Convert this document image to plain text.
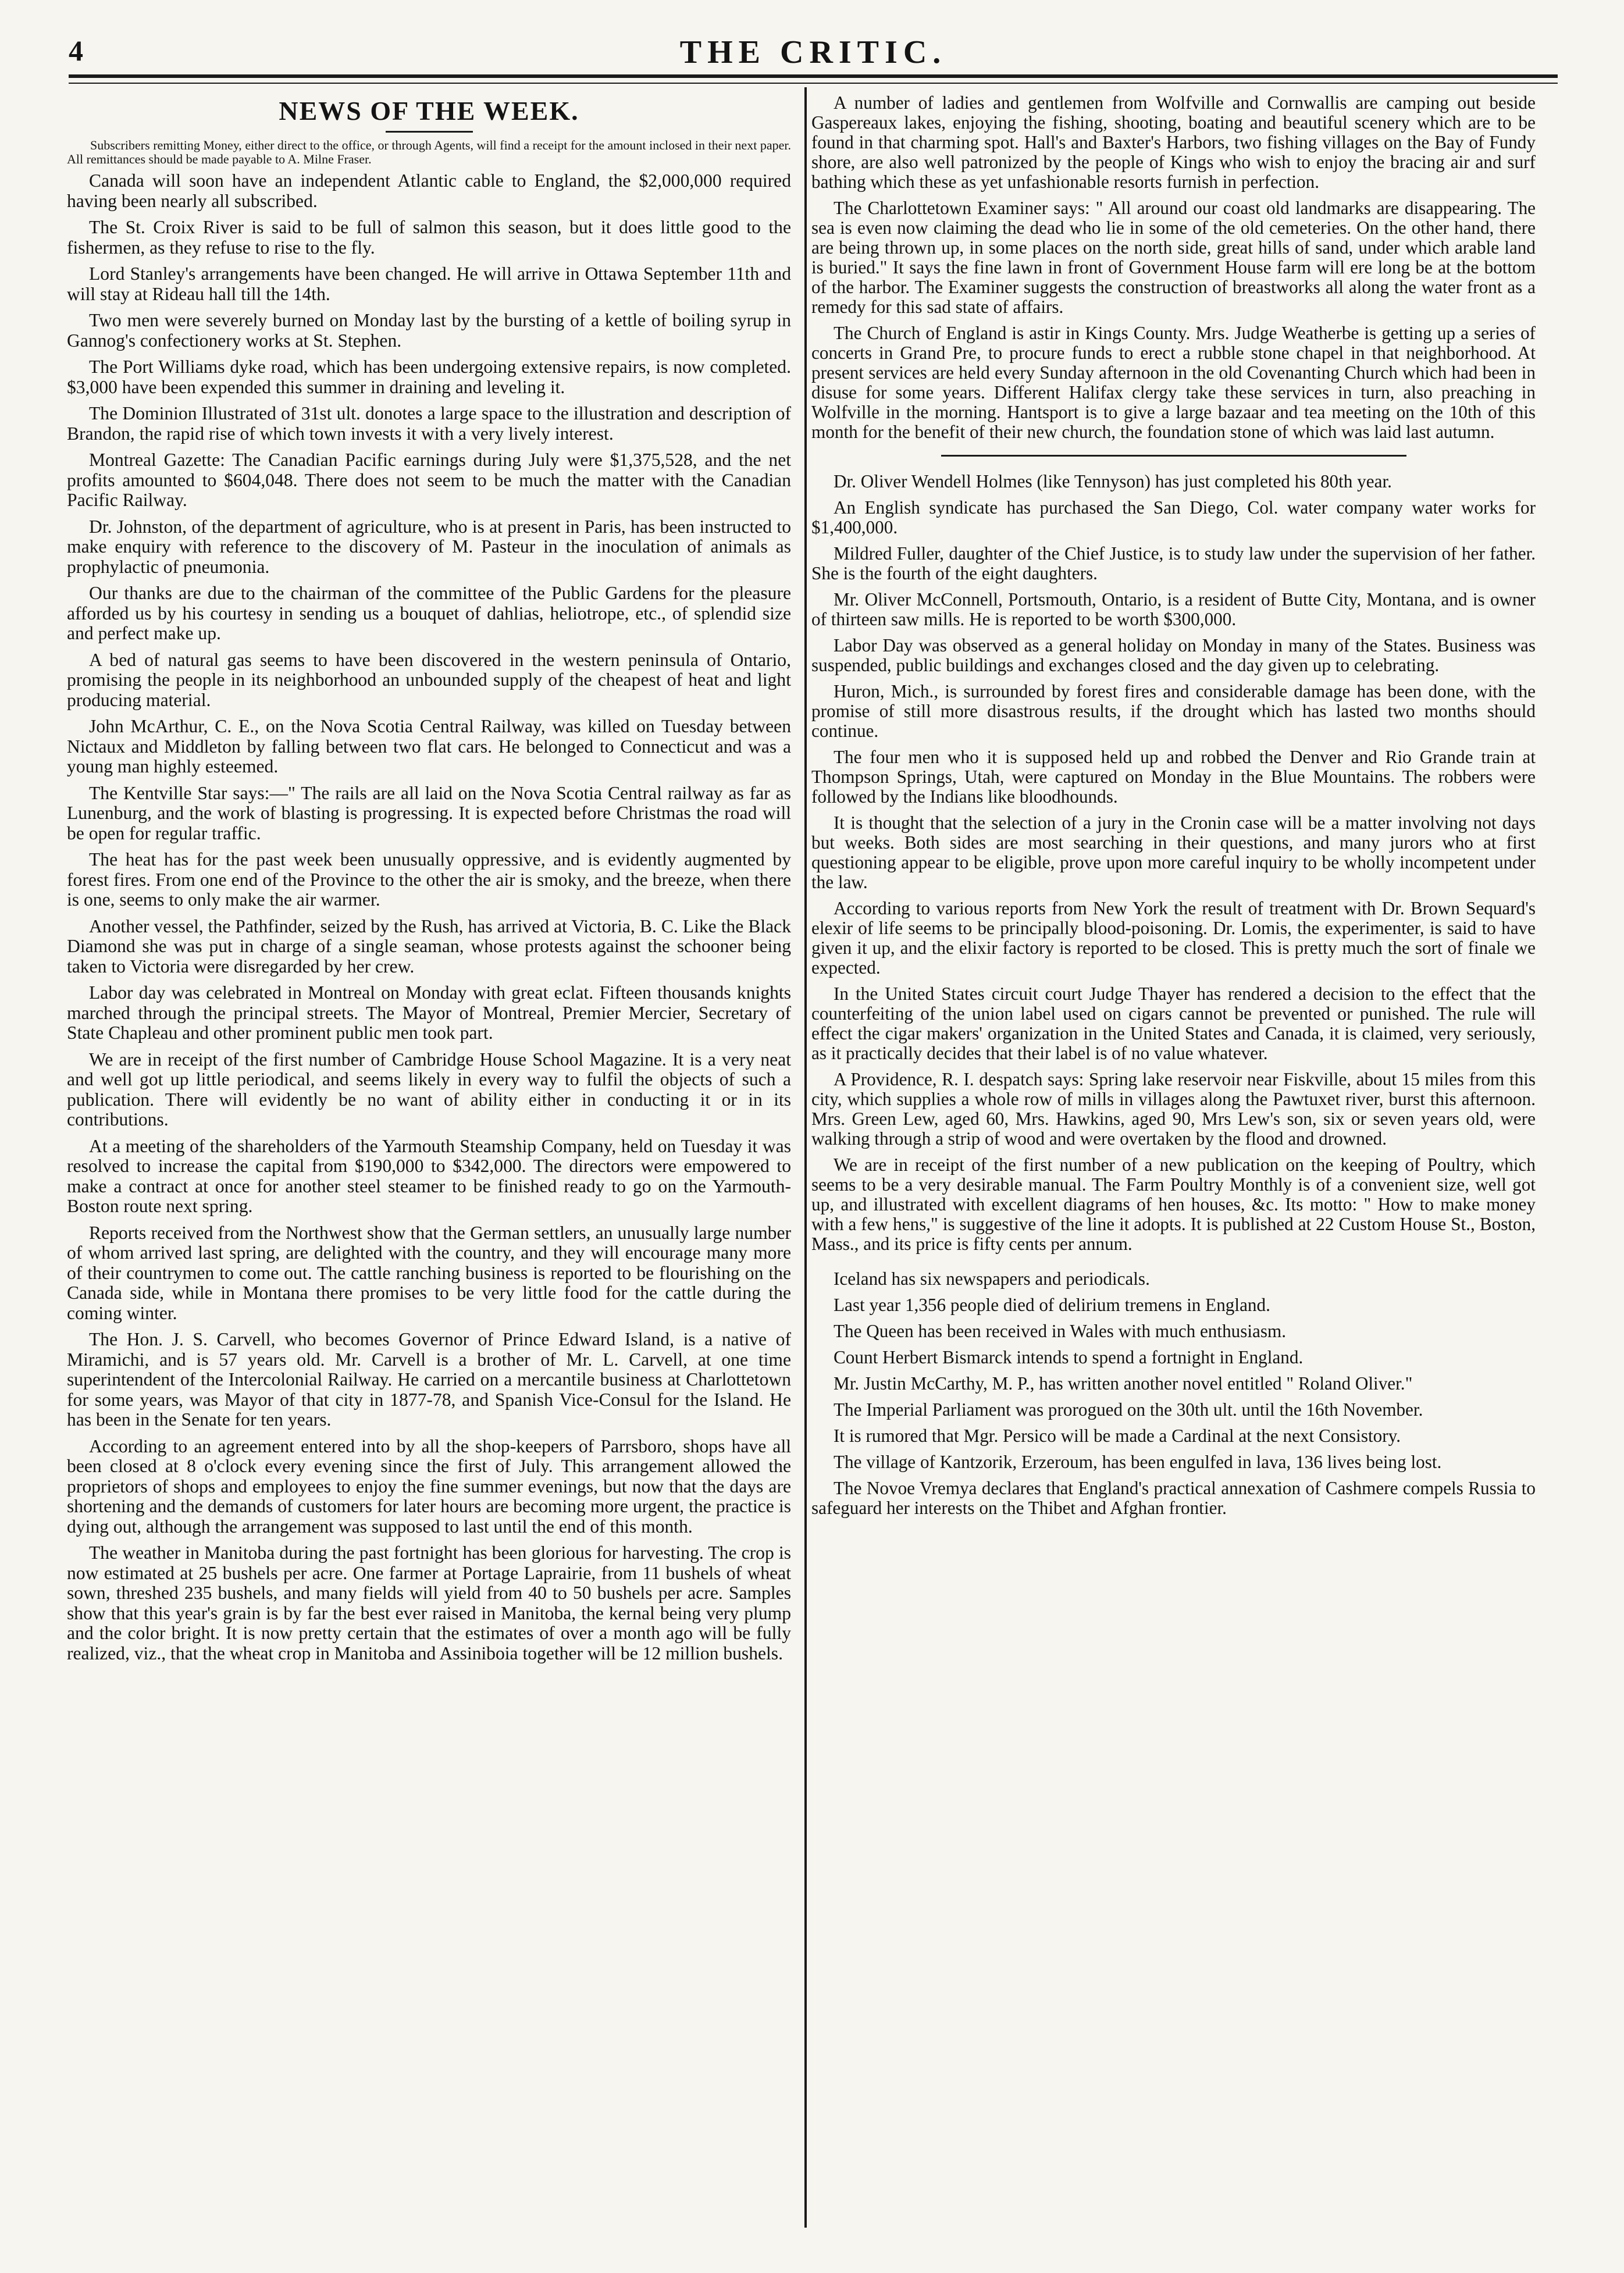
4	THE CRITIC.
NEWS OF THE WEEK.

Subscribers remitting Money, either direct to the office, or through Agents, will find a receipt for the amount inclosed in their next paper. All remittances should be made payable to A. Milne Fraser.

Canada will soon have an independent Atlantic cable to England, the $2,000,000 required having been nearly all subscribed.

The St. Croix River is said to be full of salmon this season, but it does little good to the fishermen, as they refuse to rise to the fly.

Lord Stanley's arrangements have been changed. He will arrive in Ottawa September 11th and will stay at Rideau hall till the 14th.

Two men were severely burned on Monday last by the bursting of a kettle of boiling syrup in Gannog's confectionery works at St. Stephen.

The Port Williams dyke road, which has been undergoing extensive repairs, is now completed. $3,000 have been expended this summer in draining and leveling it.

The Dominion Illustrated of 31st ult. donotes a large space to the illustration and description of Brandon, the rapid rise of which town invests it with a very lively interest.

Montreal Gazette: The Canadian Pacific earnings during July were $1,375,528, and the net profits amounted to $604,048. There does not seem to be much the matter with the Canadian Pacific Railway.

Dr. Johnston, of the department of agriculture, who is at present in Paris, has been instructed to make enquiry with reference to the discovery of M. Pasteur in the inoculation of animals as prophylactic of pneumonia.

Our thanks are due to the chairman of the committee of the Public Gardens for the pleasure afforded us by his courtesy in sending us a bouquet of dahlias, heliotrope, etc., of splendid size and perfect make up.

A bed of natural gas seems to have been discovered in the western peninsula of Ontario, promising the people in its neighborhood an unbounded supply of the cheapest of heat and light producing material.

John McArthur, C. E., on the Nova Scotia Central Railway, was killed on Tuesday between Nictaux and Middleton by falling between two flat cars. He belonged to Connecticut and was a young man highly esteemed.

The Kentville Star says:—" The rails are all laid on the Nova Scotia Central railway as far as Lunenburg, and the work of blasting is progressing. It is expected before Christmas the road will be open for regular traffic.

The heat has for the past week been unusually oppressive, and is evidently augmented by forest fires. From one end of the Province to the other the air is smoky, and the breeze, when there is one, seems to only make the air warmer.

Another vessel, the Pathfinder, seized by the Rush, has arrived at Victoria, B. C. Like the Black Diamond she was put in charge of a single seaman, whose protests against the schooner being taken to Victoria were disregarded by her crew.

Labor day was celebrated in Montreal on Monday with great eclat. Fifteen thousands knights marched through the principal streets. The Mayor of Montreal, Premier Mercier, Secretary of State Chapleau and other prominent public men took part.

We are in receipt of the first number of Cambridge House School Magazine. It is a very neat and well got up little periodical, and seems likely in every way to fulfil the objects of such a publication. There will evidently be no want of ability either in conducting it or in its contributions.

At a meeting of the shareholders of the Yarmouth Steamship Company, held on Tuesday it was resolved to increase the capital from $190,000 to $342,000. The directors were empowered to make a contract at once for another steel steamer to be finished ready to go on the Yarmouth-Boston route next spring.

Reports received from the Northwest show that the German settlers, an unusually large number of whom arrived last spring, are delighted with the country, and they will encourage many more of their countrymen to come out. The cattle ranching business is reported to be flourishing on the Canada side, while in Montana there promises to be very little food for the cattle during the coming winter.

The Hon. J. S. Carvell, who becomes Governor of Prince Edward Island, is a native of Miramichi, and is 57 years old. Mr. Carvell is a brother of Mr. L. Carvell, at one time superintendent of the Intercolonial Railway. He carried on a mercantile business at Charlottetown for some years, was Mayor of that city in 1877-78, and Spanish Vice-Consul for the Island. He has been in the Senate for ten years.

According to an agreement entered into by all the shop-keepers of Parrsboro, shops have all been closed at 8 o'clock every evening since the first of July. This arrangement allowed the proprietors of shops and employees to enjoy the fine summer evenings, but now that the days are shortening and the demands of customers for later hours are becoming more urgent, the practice is dying out, although the arrangement was supposed to last until the end of this month.

The weather in Manitoba during the past fortnight has been glorious for harvesting. The crop is now estimated at 25 bushels per acre. One farmer at Portage Laprairie, from 11 bushels of wheat sown, threshed 235 bushels, and many fields will yield from 40 to 50 bushels per acre. Samples show that this year's grain is by far the best ever raised in Manitoba, the kernal being very plump and the color bright. It is now pretty certain that the estimates of over a month ago will be fully realized, viz., that the wheat crop in Manitoba and Assiniboia together will be 12 million bushels.

A number of ladies and gentlemen from Wolfville and Cornwallis are camping out beside Gaspereaux lakes, enjoying the fishing, shooting, boating and beautiful scenery which are to be found in that charming spot. Hall's and Baxter's Harbors, two fishing villages on the Bay of Fundy shore, are also well patronized by the people of Kings who wish to enjoy the bracing air and surf bathing which these as yet unfashionable resorts furnish in perfection.

The Charlottetown Examiner says: " All around our coast old landmarks are disappearing. The sea is even now claiming the dead who lie in some of the old cemeteries. On the other hand, there are being thrown up, in some places on the north side, great hills of sand, under which arable land is buried." It says the fine lawn in front of Government House farm will ere long be at the bottom of the harbor. The Examiner suggests the construction of breastworks all along the water front as a remedy for this sad state of affairs.

The Church of England is astir in Kings County. Mrs. Judge Weatherbe is getting up a series of concerts in Grand Pre, to procure funds to erect a rubble stone chapel in that neighborhood. At present services are held every Sunday afternoon in the old Covenanting Church which had been in disuse for some years. Different Halifax clergy take these services in turn, also preaching in Wolfville in the morning. Hantsport is to give a large bazaar and tea meeting on the 10th of this month for the benefit of their new church, the foundation stone of which was laid last autumn.

Dr. Oliver Wendell Holmes (like Tennyson) has just completed his 80th year.

An English syndicate has purchased the San Diego, Col. water company water works for $1,400,000.

Mildred Fuller, daughter of the Chief Justice, is to study law under the supervision of her father. She is the fourth of the eight daughters.

Mr. Oliver McConnell, Portsmouth, Ontario, is a resident of Butte City, Montana, and is owner of thirteen saw mills. He is reported to be worth $300,000.

Labor Day was observed as a general holiday on Monday in many of the States. Business was suspended, public buildings and exchanges closed and the day given up to celebrating.

Huron, Mich., is surrounded by forest fires and considerable damage has been done, with the promise of still more disastrous results, if the drought which has lasted two months should continue.

The four men who it is supposed held up and robbed the Denver and Rio Grande train at Thompson Springs, Utah, were captured on Monday in the Blue Mountains. The robbers were followed by the Indians like bloodhounds.

It is thought that the selection of a jury in the Cronin case will be a matter involving not days but weeks. Both sides are most searching in their questions, and many jurors who at first questioning appear to be eligible, prove upon more careful inquiry to be wholly incompetent under the law.

According to various reports from New York the result of treatment with Dr. Brown Sequard's elexir of life seems to be principally blood-poisoning. Dr. Lomis, the experimenter, is said to have given it up, and the elixir factory is reported to be closed. This is pretty much the sort of finale we expected.

In the United States circuit court Judge Thayer has rendered a decision to the effect that the counterfeiting of the union label used on cigars cannot be prevented or punished. The rule will effect the cigar makers' organization in the United States and Canada, it is claimed, very seriously, as it practically decides that their label is of no value whatever.

A Providence, R. I. despatch says: Spring lake reservoir near Fiskville, about 15 miles from this city, which supplies a whole row of mills in villages along the Pawtuxet river, burst this afternoon. Mrs. Green Lew, aged 60, Mrs. Hawkins, aged 90, Mrs Lew's son, six or seven years old, were walking through a strip of wood and were overtaken by the flood and drowned.

We are in receipt of the first number of a new publication on the keeping of Poultry, which seems to be a very desirable manual. The Farm Poultry Monthly is of a convenient size, well got up, and illustrated with excellent diagrams of hen houses, &c. Its motto: " How to make money with a few hens," is suggestive of the line it adopts. It is published at 22 Custom House St., Boston, Mass., and its price is fifty cents per annum.

Iceland has six newspapers and periodicals.

Last year 1,356 people died of delirium tremens in England.

The Queen has been received in Wales with much enthusiasm.

Count Herbert Bismarck intends to spend a fortnight in England.

Mr. Justin McCarthy, M. P., has written another novel entitled " Roland Oliver."

The Imperial Parliament was prorogued on the 30th ult. until the 16th November.

It is rumored that Mgr. Persico will be made a Cardinal at the next Consistory.

The village of Kantzorik, Erzeroum, has been engulfed in lava, 136 lives being lost.

The Novoe Vremya declares that England's practical annexation of Cashmere compels Russia to safeguard her interests on the Thibet and Afghan frontier.
